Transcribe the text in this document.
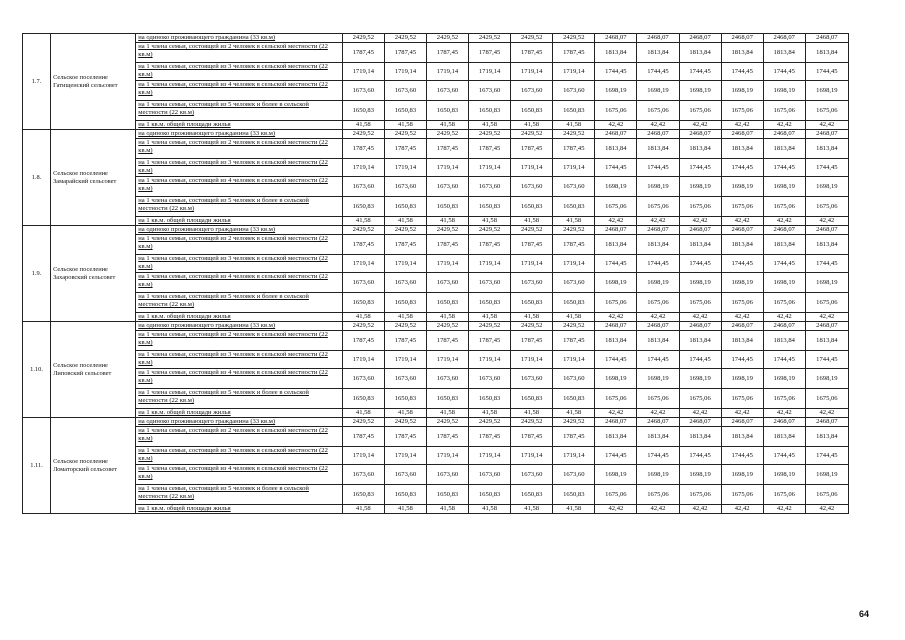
1.7.	Сельское поселение Гатищенский сельсовет	на одиноко проживающего гражданина (33 кв.м)	2429,52	2429,52	2429,52	2429,52	2429,52	2429,52	2468,07	2468,07	2468,07	2468,07	2468,07	2468,07
		на 1 члена семьи, состоящей из 2 человек в сельской местности (22 кв.м)	1787,45	1787,45	1787,45	1787,45	1787,45	1787,45	1813,84	1813,84	1813,84	1813,84	1813,84	1813,84
		на 1 члена семьи, состоящей из 3 человек в сельской местности (22 кв.м)	1719,14	1719,14	1719,14	1719,14	1719,14	1719,14	1744,45	1744,45	1744,45	1744,45	1744,45	1744,45
		на 1 члена семьи, состоящей из 4 человек в сельской местности (22 кв.м)	1673,60	1673,60	1673,60	1673,60	1673,60	1673,60	1698,19	1698,19	1698,19	1698,19	1698,19	1698,19
		на 1 члена семьи, состоящей из 5 человек и более в сельской местности (22 кв.м)	1650,83	1650,83	1650,83	1650,83	1650,83	1650,83	1675,06	1675,06	1675,06	1675,06	1675,06	1675,06
		на 1 кв.м. общей площади жилья	41,58	41,58	41,58	41,58	41,58	41,58	42,42	42,42	42,42	42,42	42,42	42,42
1.8.	Сельское поселение Замарайский сельсовет	на одиноко проживающего гражданина (33 кв.м)	2429,52	2429,52	2429,52	2429,52	2429,52	2429,52	2468,07	2468,07	2468,07	2468,07	2468,07	2468,07
		на 1 члена семьи, состоящей из 2 человек в сельской местности (22 кв.м)	1787,45	1787,45	1787,45	1787,45	1787,45	1787,45	1813,84	1813,84	1813,84	1813,84	1813,84	1813,84
		на 1 члена семьи, состоящей из 3 человек в сельской местности (22 кв.м)	1719,14	1719,14	1719,14	1719,14	1719,14	1719,14	1744,45	1744,45	1744,45	1744,45	1744,45	1744,45
		на 1 члена семьи, состоящей из 4 человек в сельской местности (22 кв.м)	1673,60	1673,60	1673,60	1673,60	1673,60	1673,60	1698,19	1698,19	1698,19	1698,19	1698,19	1698,19
		на 1 члена семьи, состоящей из 5 человек и более в сельской местности (22 кв.м)	1650,83	1650,83	1650,83	1650,83	1650,83	1650,83	1675,06	1675,06	1675,06	1675,06	1675,06	1675,06
		на 1 кв.м. общей площади жилья	41,58	41,58	41,58	41,58	41,58	41,58	42,42	42,42	42,42	42,42	42,42	42,42
1.9.	Сельское поселение Захаровский сельсовет	на одиноко проживающего гражданина (33 кв.м)	2429,52	2429,52	2429,52	2429,52	2429,52	2429,52	2468,07	2468,07	2468,07	2468,07	2468,07	2468,07
		на 1 члена семьи, состоящей из 2 человек в сельской местности (22 кв.м)	1787,45	1787,45	1787,45	1787,45	1787,45	1787,45	1813,84	1813,84	1813,84	1813,84	1813,84	1813,84
		на 1 члена семьи, состоящей из 3 человек в сельской местности (22 кв.м)	1719,14	1719,14	1719,14	1719,14	1719,14	1719,14	1744,45	1744,45	1744,45	1744,45	1744,45	1744,45
		на 1 члена семьи, состоящей из 4 человек в сельской местности (22 кв.м)	1673,60	1673,60	1673,60	1673,60	1673,60	1673,60	1698,19	1698,19	1698,19	1698,19	1698,19	1698,19
		на 1 члена семьи, состоящей из 5 человек и более в сельской местности (22 кв.м)	1650,83	1650,83	1650,83	1650,83	1650,83	1650,83	1675,06	1675,06	1675,06	1675,06	1675,06	1675,06
		на 1 кв.м. общей площади жилья	41,58	41,58	41,58	41,58	41,58	41,58	42,42	42,42	42,42	42,42	42,42	42,42
1.10.	Сельское поселение Липовский сельсовет	на одиноко проживающего гражданина (33 кв.м)	2429,52	2429,52	2429,52	2429,52	2429,52	2429,52	2468,07	2468,07	2468,07	2468,07	2468,07	2468,07
		на 1 члена семьи, состоящей из 2 человек в сельской местности (22 кв.м)	1787,45	1787,45	1787,45	1787,45	1787,45	1787,45	1813,84	1813,84	1813,84	1813,84	1813,84	1813,84
		на 1 члена семьи, состоящей из 3 человек в сельской местности (22 кв.м)	1719,14	1719,14	1719,14	1719,14	1719,14	1719,14	1744,45	1744,45	1744,45	1744,45	1744,45	1744,45
		на 1 члена семьи, состоящей из 4 человек в сельской местности (22 кв.м)	1673,60	1673,60	1673,60	1673,60	1673,60	1673,60	1698,19	1698,19	1698,19	1698,19	1698,19	1698,19
		на 1 члена семьи, состоящей из 5 человек и более в сельской местности (22 кв.м)	1650,83	1650,83	1650,83	1650,83	1650,83	1650,83	1675,06	1675,06	1675,06	1675,06	1675,06	1675,06
		на 1 кв.м. общей площади жилья	41,58	41,58	41,58	41,58	41,58	41,58	42,42	42,42	42,42	42,42	42,42	42,42
1.11.	Сельское поселение Ломаторский сельсовет	на одиноко проживающего гражданина (33 кв.м)	2429,52	2429,52	2429,52	2429,52	2429,52	2429,52	2468,07	2468,07	2468,07	2468,07	2468,07	2468,07
		на 1 члена семьи, состоящей из 2 человек в сельской местности (22 кв.м)	1787,45	1787,45	1787,45	1787,45	1787,45	1787,45	1813,84	1813,84	1813,84	1813,84	1813,84	1813,84
		на 1 члена семьи, состоящей из 3 человек в сельской местности (22 кв.м)	1719,14	1719,14	1719,14	1719,14	1719,14	1719,14	1744,45	1744,45	1744,45	1744,45	1744,45	1744,45
		на 1 члена семьи, состоящей из 4 человек в сельской местности (22 кв.м)	1673,60	1673,60	1673,60	1673,60	1673,60	1673,60	1698,19	1698,19	1698,19	1698,19	1698,19	1698,19
		на 1 члена семьи, состоящей из 5 человек и более в сельской местности (22 кв.м)	1650,83	1650,83	1650,83	1650,83	1650,83	1650,83	1675,06	1675,06	1675,06	1675,06	1675,06	1675,06
		на 1 кв.м. общей площади жилья	41,58	41,58	41,58	41,58	41,58	41,58	42,42	42,42	42,42	42,42	42,42	42,42
64
